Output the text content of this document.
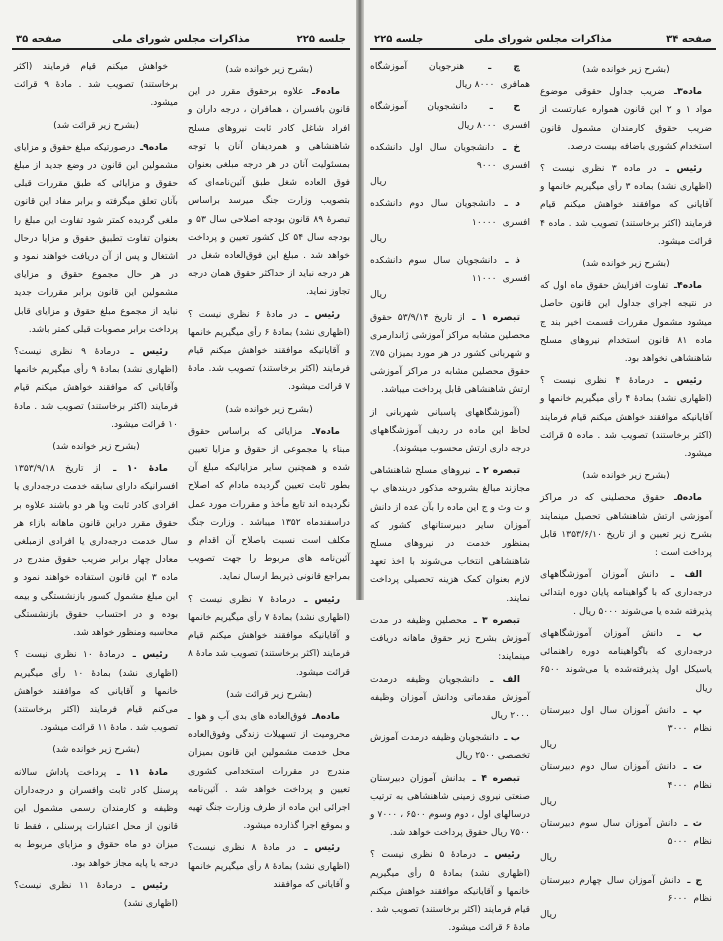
جلسه ۲۲۵
مذاکرات مجلس شورای ملی
صفحه ۳۵
(بشرح زیر خوانده شد)
ماده۶ـ علاوه برحقوق مقرر در این قانون بافسران ، همافران ، درجه داران و افراد شاغل کادر ثابت نیروهای مسلح شاهنشاهی و همردیفان آنان با توجه بمسئولیت آنان در هر درجه مبلغی بعنوان فوق العاده شغل طبق آئین‌نامه‌ای که بتصویب وزارت جنگ میرسد براساس تبصرهٔ ۸۹ قانون بودجه اصلاحی سال ۵۳ و بودجه سال ۵۴ کل کشور تعیین و پرداخت خواهد شد . مبلغ این فوق‌العاده شغل در هر درجه نباید از حداکثر حقوق همان درجه تجاوز نماید.
رئیس ـ در مادهٔ ۶ نظری نیست ؟ (اظهاری نشد) بمادهٔ ۶ رأی میگیریم خانمها و آقایانیکه موافقند خواهش میکنم قیام فرمایند (اکثر برخاستند) تصویب شد. مادهٔ ۷ قرائت میشود.
(بشرح زیر خوانده شد)
ماده۷ـ مزایائی که براساس حقوق مبناء یا مجموعی از حقوق و مزایا تعیین شده و همچنین سایر مزایائیکه مبلغ آن بطور ثابت تعیین گردیده مادام که اصلاح نگردیده اند تابع مأخذ و مقررات مورد عمل دراسفندماه ۱۳۵۲ میباشد . وزارت جنگ مکلف است نسبت باصلاح آن اقدام و آئین‌نامه های مربوط را جهت تصویب بمراجع قانونی ذیربط ارسال نماید.
رئیس ـ درمادهٔ ۷ نظری نیست ؟ (اظهاری نشد) بمادهٔ ۷ رأی میگیریم خانمها و آقایانیکه موافقند خواهش میکنم قیام فرمایند (اکثر برخاستند) تصویب شد مادهٔ ۸ قرائت میشود.
(بشرح زیر قرائت شد)
ماده۸ـ فوق‌العاده های بدی آب و هوا ـ محرومیت از تسهیلات زندگی وفوق‌العاده محل خدمت مشمولین این قانون بمیزان مندرج در مقررات استخدامی کشوری تعیین و پرداخت خواهد شد . آئین‌نامه اجرائی این ماده از طرف وزارت جنگ تهیه و بموقع اجرا گذارده میشود.
رئیس ـ در مادهٔ ۸ نظری نیست؟ (اظهاری نشد) بمادهٔ ۸ رأی میگیریم خانمها و آقایانی که موافقند
خواهش میکنم قیام فرمایند (اکثر برخاستند) تصویب شد . مادهٔ ۹ قرائت میشود.
(بشرح زیر قرائت شد)
ماده۹ـ درصورتیکه مبلغ حقوق و مزایای مشمولین این قانون در وضع جدید از مبلغ حقوق و مزایائی که طبق مقررات قبلی بآنان تعلق میگرفته و برابر مفاد این قانون ملغی گردیده کمتر شود تفاوت این مبلغ را بعنوان تفاوت تطبیق حقوق و مزایا درحال اشتغال و پس از آن دریافت خواهند نمود و در هر حال مجموع حقوق و مزایای مشمولین این قانون برابر مقررات جدید نباید از مجموع مبلغ حقوق و مزایای قابل پرداخت برابر مصوبات قبلی کمتر باشد.
رئیس ـ درمادهٔ ۹ نظری نیست؟ (اظهاری نشد) بمادهٔ ۹ رأی میگیریم خانمها وآقایانی که موافقند خواهش میکنم قیام فرمایند (اکثر برخاستند) تصویب شد . مادهٔ ۱۰ قرائت میشود.
(بشرح زیر خوانده شد)
مادهٔ ۱۰ ـ از تاریخ ۱۳۵۳/۹/۱۸ افسرانیکه دارای سابقه خدمت درجه‌داری یا افرادی کادر ثابت ویا هر دو باشند علاوه بر حقوق مقرر دراین قانون ماهانه بازاء هر سال خدمت درجه‌داری یا افرادی ازمبلغی معادل چهار برابر ضریب حقوق مندرج در ماده ۳ این قانون استفاده خواهند نمود و این مبلغ مشمول کسور بازنشستگی و بیمه بوده و در احتساب حقوق بازنشستگی محاسبه ومنظور خواهد شد.
رئیس ـ درمادهٔ ۱۰ نظری نیست ؟ (اظهاری نشد) بمادهٔ ۱۰ رأی میگیریم خانمها و آقایانی که موافقند خواهش می‌کنم قیام فرمایند (اکثر برخاستند) تصویب شد . مادهٔ ۱۱ قرائت میشود.
(بشرح زیر خوانده شد)
مادهٔ ۱۱ ـ پرداخت پاداش سالانه پرسنل کادر ثابت وافسران و درجه‌داران وظیفه و کارمندان رسمی مشمول این قانون از محل اعتبارات پرسنلی ، فقط تا میزان دو ماه حقوق و مزایای مربوط به درجه یا پایه مجاز خواهد بود.
رئیس ـ درمادهٔ ۱۱ نظری نیست؟ (اظهاری نشد)
صفحه ۳۴
مذاکرات مجلس شورای ملی
جلسه ۲۲۵
(بشرح زیر خوانده شد)
ماده۳ـ ضریب جداول حقوقی موضوع مواد ۱ و ۲ این قانون همواره عبارتست از ضریب حقوق کارمندان مشمول قانون استخدام کشوری باضافه بیست درصد.
رئیس ـ در ماده ۳ نظری نیست ؟ (اظهاری نشد) بماده ۳ رأی میگیریم خانمها و آقایانی که موافقند خواهش میکنم قیام فرمایند (اکثر برخاستند) تصویب شد . ماده ۴ قرائت میشود.
(بشرح زیر خوانده شد)
ماده۴ـ تفاوت افزایش حقوق ماه اول که در نتیجه اجرای جداول این قانون حاصل میشود مشمول مقررات قسمت اخیر بند ج ماده ۸۱ قانون استخدام نیروهای مسلح شاهنشاهی نخواهد بود.
رئیس ـ درمادهٔ ۴ نظری نیست ؟ (اظهاری نشد) بمادهٔ ۴ رأی میگیریم خانمها و آقایانیکه موافقند خواهش میکنم قیام فرمایند (اکثر برخاستند) تصویب شد . ماده ۵ قرائت میشود.
(بشرح زیر خوانده شد)
ماده۵ـ حقوق محصلینی که در مراکز آموزشی ارتش شاهنشاهی تحصیل مینمایند بشرح زیر تعیین و از تاریخ ۱۳۵۳/۶/۱۰ قابل پرداخت است :
الف ـ دانش آموزان آموزشگاههای درجه‌داری که با گواهینامه پایان دوره ابتدائی پذیرفته شده یا می‌شوند ۵۰۰۰ ریال .
ب ـ دانش آموزان آموزشگاههای درجه‌داری که باگواهینامه دوره راهنمائی یاسیکل اول پذیرفته‌شده یا می‌شوند ۶۵۰۰ ریال
پ ـ دانش آموزان سال اول دبیرستان نظام۳۰۰۰
ریال
ت ـ دانش آموزان سال دوم دبیرستان نظام۴۰۰۰
ریال
ث ـ دانش آموزان سال سوم دبیرستان نظام۵۰۰۰
ریال
ج ـ دانش آموزان سال چهارم دبیرستان نظام۶۰۰۰
ریال
چ ـ هنرجویان آموزشگاه همافری۸۰۰۰ ریال
ح ـ دانشجویان آموزشگاه افسری۸۰۰۰ ریال
خ ـ دانشجویان سال اول دانشکده افسری۹۰۰۰
ریال
د ـ دانشجویان سال دوم دانشکده افسری۱۰۰۰۰
ریال
ذ ـ دانشجویان سال سوم دانشکده افسری۱۱۰۰۰
ریال
تبصره ۱ ـ از تاریخ ۵۳/۹/۱۴ حقوق محصلین مشابه مراکز آموزشی ژاندارمری و شهربانی کشور در هر مورد بمیزان ۷۵٪ حقوق محصلین مشابه در مراکز آموزشی ارتش شاهنشاهی قابل پرداخت میباشد.
(آموزشگاههای پاسبانی شهربانی از لحاظ این ماده در ردیف آموزشگاههای درجه داری ارتش محسوب میشوند).
تبصره ۲ ـ نیروهای مسلح شاهنشاهی مجازند مبالغ بشروحه مذکور دربندهای پ و ت وث و ج این ماده را بآن عده از دانش آموزان سایر دبیرستانهای کشور که بمنظور خدمت در نیروهای مسلح شاهنشاهی انتخاب می‌شوند با اخذ تعهد لازم بعنوان کمک هزینه تحصیلی پرداخت نمایند.
تبصره ۳ ـ محصلین وظیفه در مدت آموزش بشرح زیر حقوق ماهانه دریافت مینمایند:
الف ـ دانشجویان وظیفه درمدت آموزش مقدماتی ودانش آموزان وظیفه ۲۰۰۰ ریال
ب ـ دانشجویان وظیفه درمدت آموزش تخصصی ۲۵۰۰ ریال
تبصره ۴ ـ بدانش آموزان دبیرستان صنعتی نیروی زمینی شاهنشاهی به ترتیب درسالهای اول ، دوم وسوم ۶۵۰۰ ، ۷۰۰۰ و ۷۵۰۰ ریال حقوق پرداخت خواهد شد.
رئیس ـ درمادهٔ ۵ نظری نیست ؟ (اظهاری نشد) بمادهٔ ۵ رأی میگیریم خانمها و آقایانیکه موافقند خواهش میکنم قیام فرمایند (اکثر برخاستند) تصویب شد . مادهٔ ۶ قرائت میشود.
